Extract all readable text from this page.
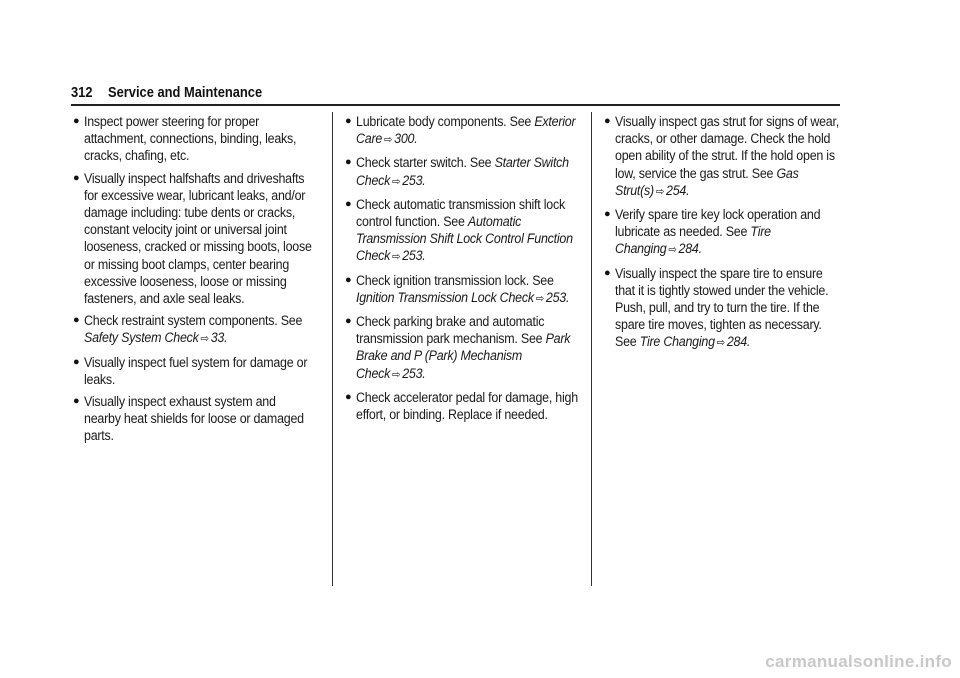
312 Service and Maintenance
● Inspect power steering for proper attachment, connections, binding, leaks, cracks, chafing, etc.
● Visually inspect halfshafts and driveshafts for excessive wear, lubricant leaks, and/or damage including: tube dents or cracks, constant velocity joint or universal joint looseness, cracked or missing boots, loose or missing boot clamps, center bearing excessive looseness, loose or missing fasteners, and axle seal leaks.
● Check restraint system components. See Safety System Check ⇨ 33.
● Visually inspect fuel system for damage or leaks.
● Visually inspect exhaust system and nearby heat shields for loose or damaged parts.
● Lubricate body components. See Exterior Care ⇨ 300.
● Check starter switch. See Starter Switch Check ⇨ 253.
● Check automatic transmission shift lock control function. See Automatic Transmission Shift Lock Control Function Check ⇨ 253.
● Check ignition transmission lock. See Ignition Transmission Lock Check ⇨ 253.
● Check parking brake and automatic transmission park mechanism. See Park Brake and P (Park) Mechanism Check ⇨ 253.
● Check accelerator pedal for damage, high effort, or binding. Replace if needed.
● Visually inspect gas strut for signs of wear, cracks, or other damage. Check the hold open ability of the strut. If the hold open is low, service the gas strut. See Gas Strut(s) ⇨ 254.
● Verify spare tire key lock operation and lubricate as needed. See Tire Changing ⇨ 284.
● Visually inspect the spare tire to ensure that it is tightly stowed under the vehicle. Push, pull, and try to turn the tire. If the spare tire moves, tighten as necessary. See Tire Changing ⇨ 284.
carmanualsonline.info
